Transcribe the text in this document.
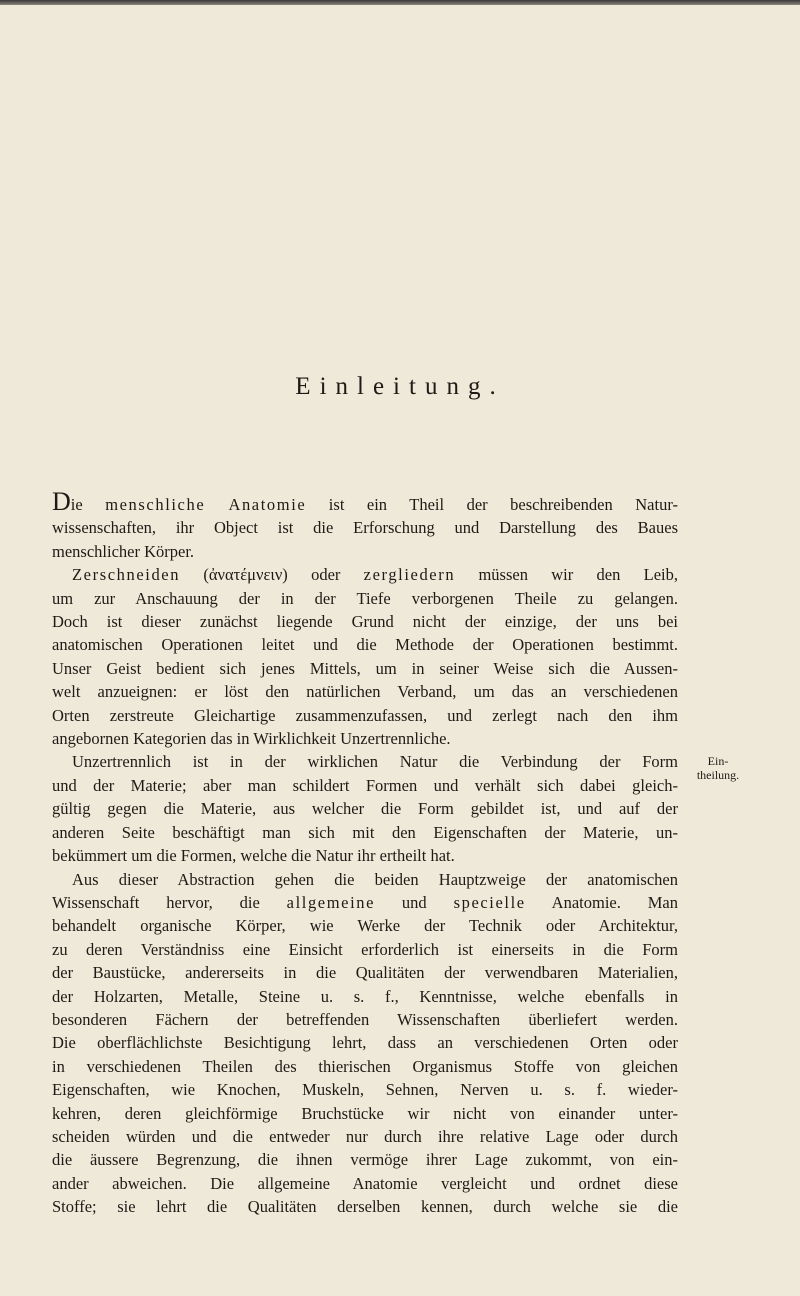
Einleitung.
Die menschliche Anatomie ist ein Theil der beschreibenden Natur-
wissenschaften, ihr Object ist die Erforschung und Darstellung des Baues
menschlicher Körper.
Zerschneiden (ἀνατέμνειν) oder zergliedern müssen wir den Leib,
um zur Anschauung der in der Tiefe verborgenen Theile zu gelangen.
Doch ist dieser zunächst liegende Grund nicht der einzige, der uns bei
anatomischen Operationen leitet und die Methode der Operationen bestimmt.
Unser Geist bedient sich jenes Mittels, um in seiner Weise sich die Aussen-
welt anzueignen: er löst den natürlichen Verband, um das an verschiedenen
Orten zerstreute Gleichartige zusammenzufassen, und zerlegt nach den ihm
angebornen Kategorien das in Wirklichkeit Unzertrennliche.
Unzertrennlich ist in der wirklichen Natur die Verbindung der Form
und der Materie; aber man schildert Formen und verhält sich dabei gleich-
gültig gegen die Materie, aus welcher die Form gebildet ist, und auf der
anderen Seite beschäftigt man sich mit den Eigenschaften der Materie, un-
bekümmert um die Formen, welche die Natur ihr ertheilt hat.
Aus dieser Abstraction gehen die beiden Hauptzweige der anatomischen
Wissenschaft hervor, die allgemeine und specielle Anatomie. Man
behandelt organische Körper, wie Werke der Technik oder Architektur,
zu deren Verständniss eine Einsicht erforderlich ist einerseits in die Form
der Baustücke, andererseits in die Qualitäten der verwendbaren Materialien,
der Holzarten, Metalle, Steine u. s. f., Kenntnisse, welche ebenfalls in
besonderen Fächern der betreffenden Wissenschaften überliefert werden.
Die oberflächlichste Besichtigung lehrt, dass an verschiedenen Orten oder
in verschiedenen Theilen des thierischen Organismus Stoffe von gleichen
Eigenschaften, wie Knochen, Muskeln, Sehnen, Nerven u. s. f. wieder-
kehren, deren gleichförmige Bruchstücke wir nicht von einander unter-
scheiden würden und die entweder nur durch ihre relative Lage oder durch
die äussere Begrenzung, die ihnen vermöge ihrer Lage zukommt, von ein-
ander abweichen. Die allgemeine Anatomie vergleicht und ordnet diese
Stoffe; sie lehrt die Qualitäten derselben kennen, durch welche sie die
Ein-
theilung.
